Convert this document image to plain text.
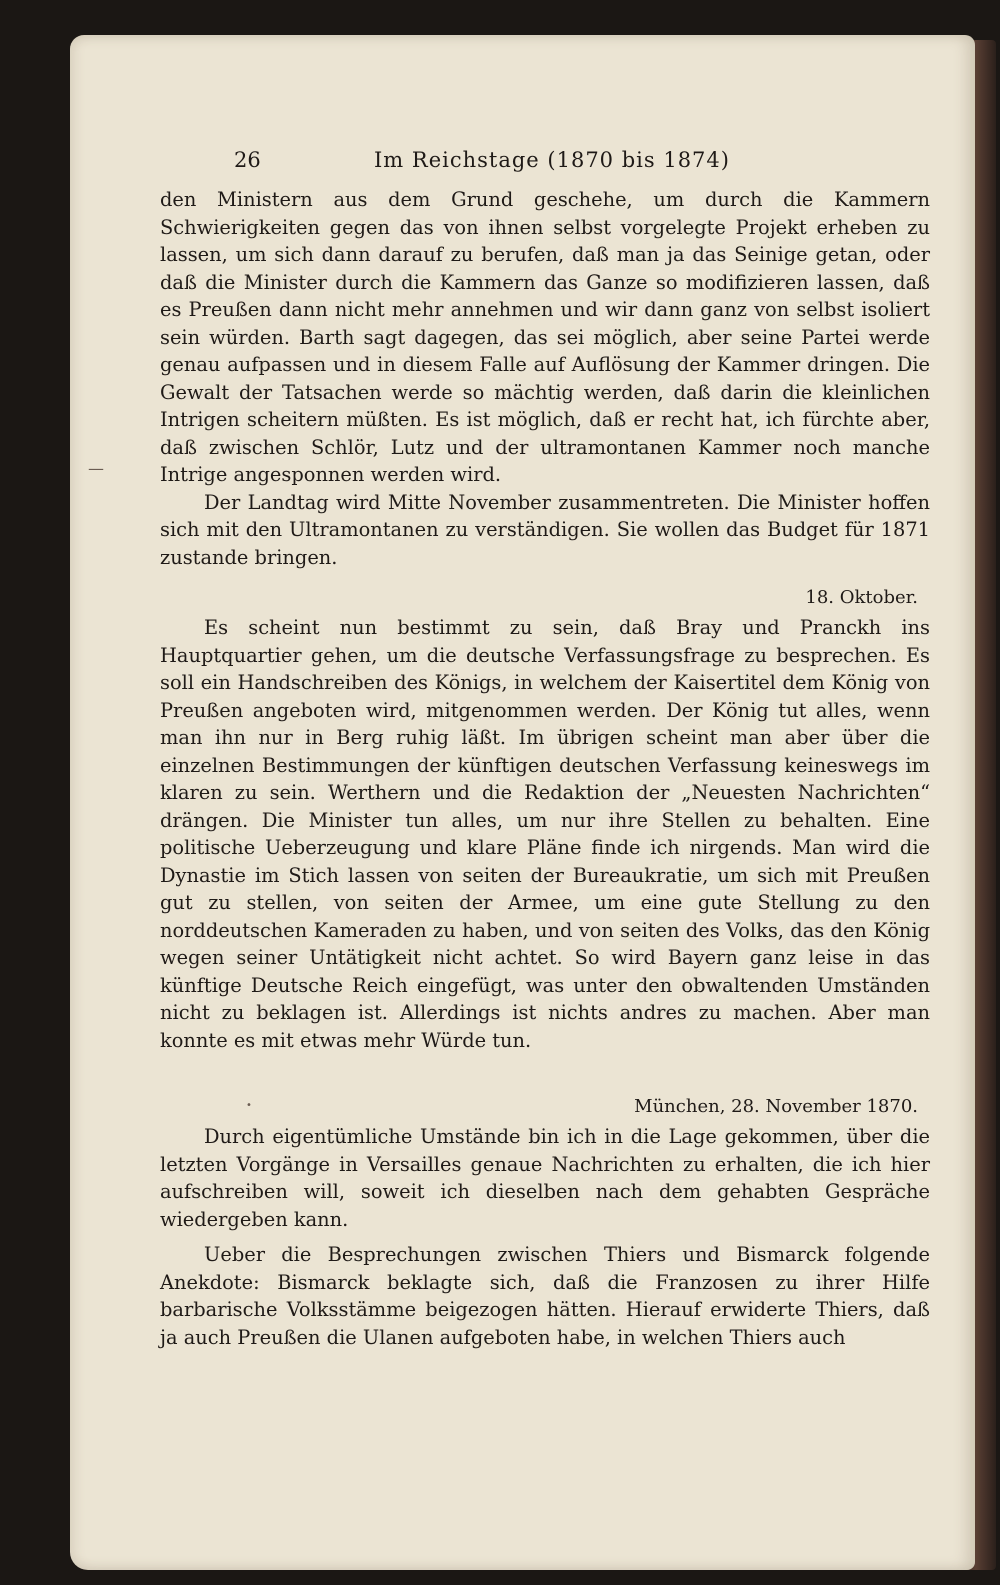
—
•
26	Im Reichstage (1870 bis 1874)

den Ministern aus dem Grund geschehe, um durch die Kammern Schwierigkeiten gegen das von ihnen selbst vorgelegte Projekt erheben zu lassen, um sich dann darauf zu berufen, daß man ja das Seinige getan, oder daß die Minister durch die Kammern das Ganze so modifizieren lassen, daß es Preußen dann nicht mehr annehmen und wir dann ganz von selbst isoliert sein würden. Barth sagt dagegen, das sei möglich, aber seine Partei werde genau aufpassen und in diesem Falle auf Auflösung der Kammer dringen. Die Gewalt der Tatsachen werde so mächtig werden, daß darin die kleinlichen Intrigen scheitern müßten. Es ist möglich, daß er recht hat, ich fürchte aber, daß zwischen Schlör, Lutz und der ultramontanen Kammer noch manche Intrige angesponnen werden wird.

Der Landtag wird Mitte November zusammentreten. Die Minister hoffen sich mit den Ultramontanen zu verständigen. Sie wollen das Budget für 1871 zustande bringen.

18. Oktober.

Es scheint nun bestimmt zu sein, daß Bray und Pranckh ins Hauptquartier gehen, um die deutsche Verfassungsfrage zu besprechen. Es soll ein Handschreiben des Königs, in welchem der Kaisertitel dem König von Preußen angeboten wird, mitgenommen werden. Der König tut alles, wenn man ihn nur in Berg ruhig läßt. Im übrigen scheint man aber über die einzelnen Bestimmungen der künftigen deutschen Verfassung keineswegs im klaren zu sein. Werthern und die Redaktion der „Neuesten Nachrichten“ drängen. Die Minister tun alles, um nur ihre Stellen zu behalten. Eine politische Ueberzeugung und klare Pläne finde ich nirgends. Man wird die Dynastie im Stich lassen von seiten der Bureaukratie, um sich mit Preußen gut zu stellen, von seiten der Armee, um eine gute Stellung zu den norddeutschen Kameraden zu haben, und von seiten des Volks, das den König wegen seiner Untätigkeit nicht achtet. So wird Bayern ganz leise in das künftige Deutsche Reich eingefügt, was unter den obwaltenden Umständen nicht zu beklagen ist. Allerdings ist nichts andres zu machen. Aber man konnte es mit etwas mehr Würde tun.

München, 28. November 1870.

Durch eigentümliche Umstände bin ich in die Lage gekommen, über die letzten Vorgänge in Versailles genaue Nachrichten zu erhalten, die ich hier aufschreiben will, soweit ich dieselben nach dem gehabten Gespräche wiedergeben kann.

Ueber die Besprechungen zwischen Thiers und Bismarck folgende Anekdote: Bismarck beklagte sich, daß die Franzosen zu ihrer Hilfe barbarische Volksstämme beigezogen hätten. Hierauf erwiderte Thiers, daß ja auch Preußen die Ulanen aufgeboten habe, in welchen Thiers auch
